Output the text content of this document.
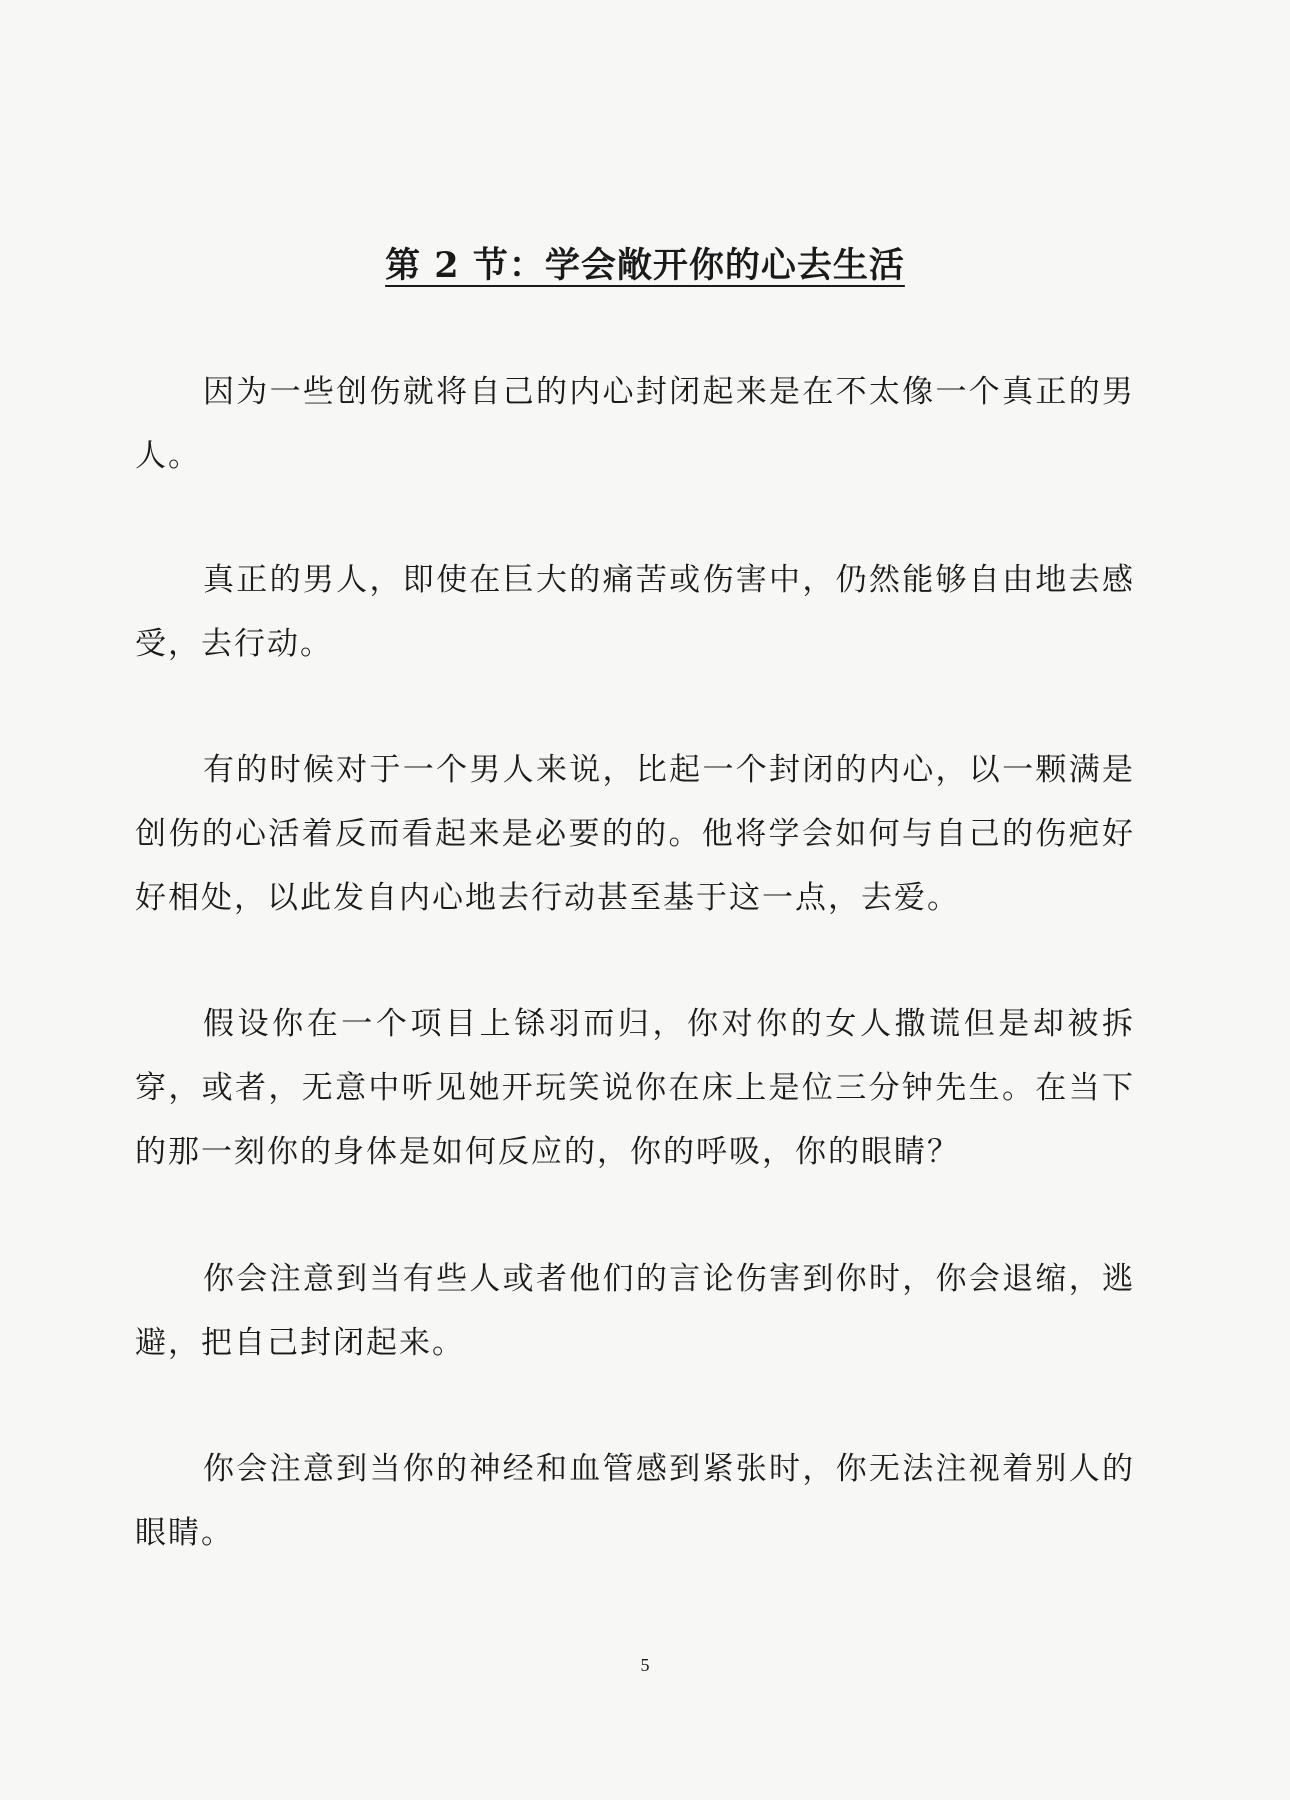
第 2 节：学会敞开你的心去生活

因为一些创伤就将自己的内心封闭起来是在不太像一个真正的男人。

真正的男人，即使在巨大的痛苦或伤害中，仍然能够自由地去感受，去行动。

有的时候对于一个男人来说，比起一个封闭的内心，以一颗满是创伤的心活着反而看起来是必要的的。他将学会如何与自己的伤疤好好相处，以此发自内心地去行动甚至基于这一点，去爱。

假设你在一个项目上铩羽而归，你对你的女人撒谎但是却被拆穿，或者，无意中听见她开玩笑说你在床上是位三分钟先生。在当下的那一刻你的身体是如何反应的，你的呼吸，你的眼睛？

你会注意到当有些人或者他们的言论伤害到你时，你会退缩，逃避，把自己封闭起来。

你会注意到当你的神经和血管感到紧张时，你无法注视着别人的眼睛。

5
